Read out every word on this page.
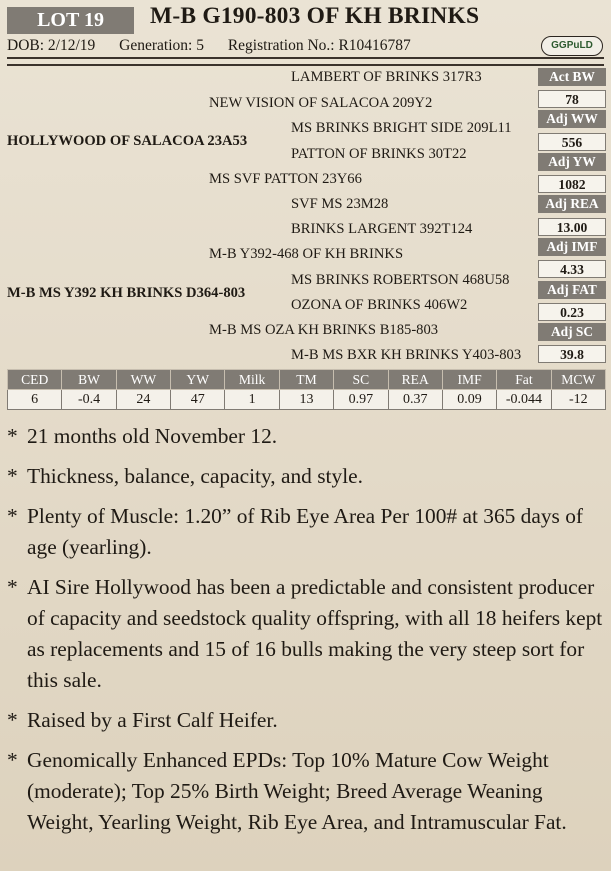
LOT 19	M-B G190-803 OF KH BRINKS
DOB: 2/12/19 Generation: 5 Registration No.: R10416787	GGPuLD
LAMBERT OF BRINKS 317R3
NEW VISION OF SALACOA 209Y2
MS BRINKS BRIGHT SIDE 209L11
HOLLYWOOD OF SALACOA 23A53
PATTON OF BRINKS 30T22
MS SVF PATTON 23Y66
SVF MS 23M28
BRINKS LARGENT 392T124
M-B Y392-468 OF KH BRINKS
MS BRINKS ROBERTSON 468U58
M-B MS Y392 KH BRINKS D364-803
OZONA OF BRINKS 406W2
M-B MS OZA KH BRINKS B185-803
M-B MS BXR KH BRINKS Y403-803
Act BW
78
Adj WW
556
Adj YW
1082
Adj REA
13.00
Adj IMF
4.33
Adj FAT
0.23
Adj SC
39.8
CED	BW	WW	YW	Milk	TM	SC	REA	IMF	Fat	MCW
6	-0.4	24	47	1	13	0.97	0.37	0.09	-0.044	-12
* 21 months old November 12.
* Thickness, balance, capacity, and style.
* Plenty of Muscle: 1.20” of Rib Eye Area Per 100# at 365 days of age (yearling).
* AI Sire Hollywood has been a predictable and consistent producer of capacity and seedstock quality offspring, with all 18 heifers kept as replacements and 15 of 16 bulls making the very steep sort for this sale.
* Raised by a First Calf Heifer.
* Genomically Enhanced EPDs: Top 10% Mature Cow Weight (moderate); Top 25% Birth Weight; Breed Average Weaning Weight, Yearling Weight, Rib Eye Area, and Intramuscular Fat.
